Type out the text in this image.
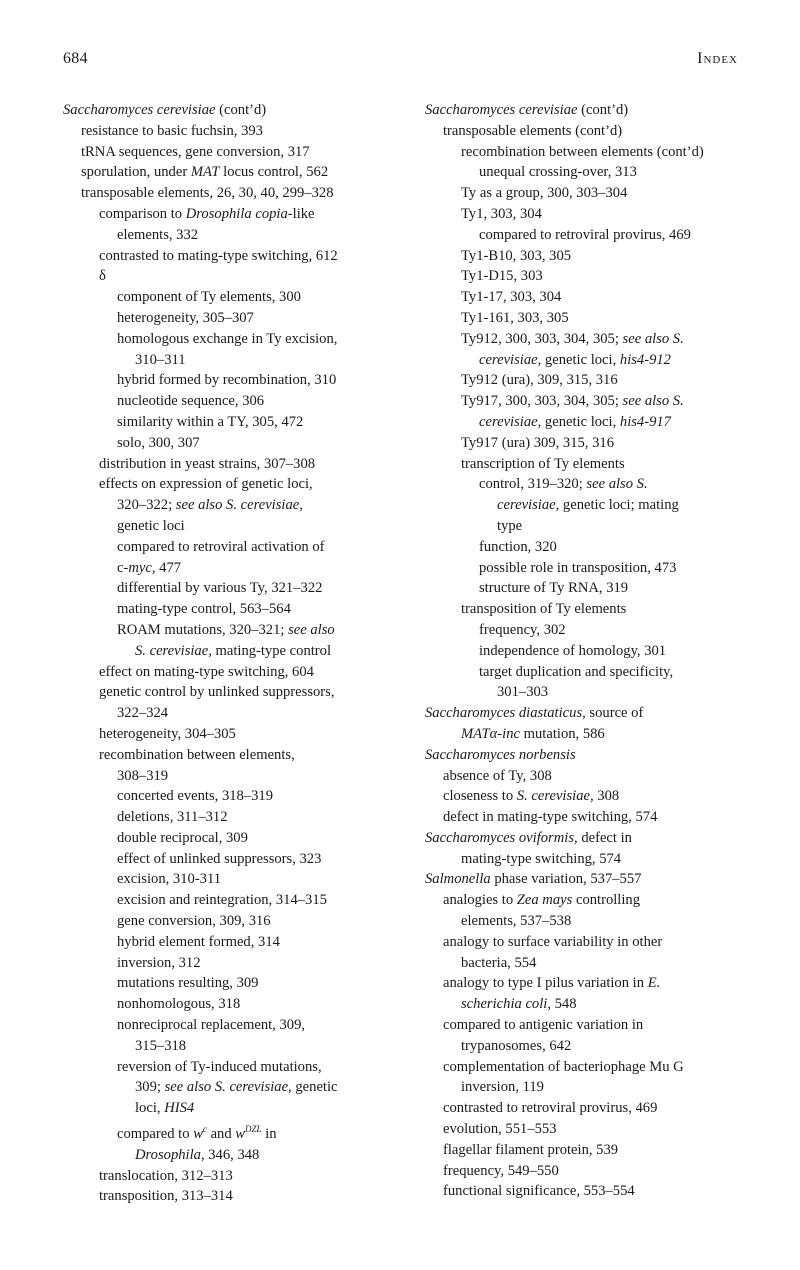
684	Index
Saccharomyces cerevisiae (cont’d)
resistance to basic fuchsin, 393
tRNA sequences, gene conversion, 317
sporulation, under MAT locus control, 562
transposable elements, 26, 30, 40, 299–328
comparison to Drosophila copia-like
elements, 332
contrasted to mating-type switching, 612
δ
component of Ty elements, 300
heterogeneity, 305–307
homologous exchange in Ty excision,
310–311
hybrid formed by recombination, 310
nucleotide sequence, 306
similarity within a TY, 305, 472
solo, 300, 307
distribution in yeast strains, 307–308
effects on expression of genetic loci,
320–322; see also S. cerevisiae,
genetic loci
compared to retroviral activation of
c-myc, 477
differential by various Ty, 321–322
mating-type control, 563–564
ROAM mutations, 320–321; see also
S. cerevisiae, mating-type control
effect on mating-type switching, 604
genetic control by unlinked suppressors,
322–324
heterogeneity, 304–305
recombination between elements,
308–319
concerted events, 318–319
deletions, 311–312
double reciprocal, 309
effect of unlinked suppressors, 323
excision, 310-311
excision and reintegration, 314–315
gene conversion, 309, 316
hybrid element formed, 314
inversion, 312
mutations resulting, 309
nonhomologous, 318
nonreciprocal replacement, 309,
315–318
reversion of Ty-induced mutations,
309; see also S. cerevisiae, genetic
loci, HIS4
compared to $w^c$ and $w^{DZL}$ in
Drosophila, 346, 348
translocation, 312–313
transposition, 313–314
Saccharomyces cerevisiae (cont’d)
transposable elements (cont’d)
recombination between elements (cont’d)
unequal crossing-over, 313
Ty as a group, 300, 303–304
Ty1, 303, 304
compared to retroviral provirus, 469
Ty1-B10, 303, 305
Ty1-D15, 303
Ty1-17, 303, 304
Ty1-161, 303, 305
Ty912, 300, 303, 304, 305; see also S.
cerevisiae, genetic loci, his4-912
Ty912 (ura), 309, 315, 316
Ty917, 300, 303, 304, 305; see also S.
cerevisiae, genetic loci, his4-917
Ty917 (ura) 309, 315, 316
transcription of Ty elements
control, 319–320; see also S.
cerevisiae, genetic loci; mating
type
function, 320
possible role in transposition, 473
structure of Ty RNA, 319
transposition of Ty elements
frequency, 302
independence of homology, 301
target duplication and specificity,
301–303
Saccharomyces diastaticus, source of
MATα-inc mutation, 586
Saccharomyces norbensis
absence of Ty, 308
closeness to S. cerevisiae, 308
defect in mating-type switching, 574
Saccharomyces oviformis, defect in
mating-type switching, 574
Salmonella phase variation, 537–557
analogies to Zea mays controlling
elements, 537–538
analogy to surface variability in other
bacteria, 554
analogy to type I pilus variation in E.
scherichia coli, 548
compared to antigenic variation in
trypanosomes, 642
complementation of bacteriophage Mu G
inversion, 119
contrasted to retroviral provirus, 469
evolution, 551–553
flagellar filament protein, 539
frequency, 549–550
functional significance, 553–554
